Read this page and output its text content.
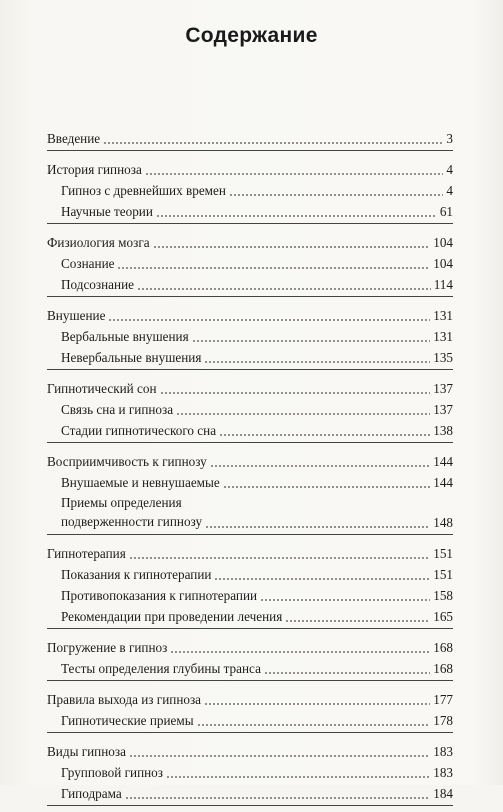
Содержание
Введение	3
История гипноза	4
Гипноз с древнейших времен	4
Научные теории	61
Физиология мозга	104
Сознание	104
Подсознание	114
Внушение	131
Вербальные внушения	131
Невербальные внушения	135
Гипнотический сон	137
Связь сна и гипноза	137
Стадии гипнотического сна	138
Восприимчивость к гипнозу	144
Внушаемые и невнушаемые	144
Приемы определения
подверженности гипнозу	148
Гипнотерапия	151
Показания к гипнотерапии	151
Противопоказания к гипнотерапии	158
Рекомендации при проведении лечения	165
Погружение в гипноз	168
Тесты определения глубины транса	168
Правила выхода из гипноза	177
Гипнотические приемы	178
Виды гипноза	183
Групповой гипноз	183
Гиподрама	184
